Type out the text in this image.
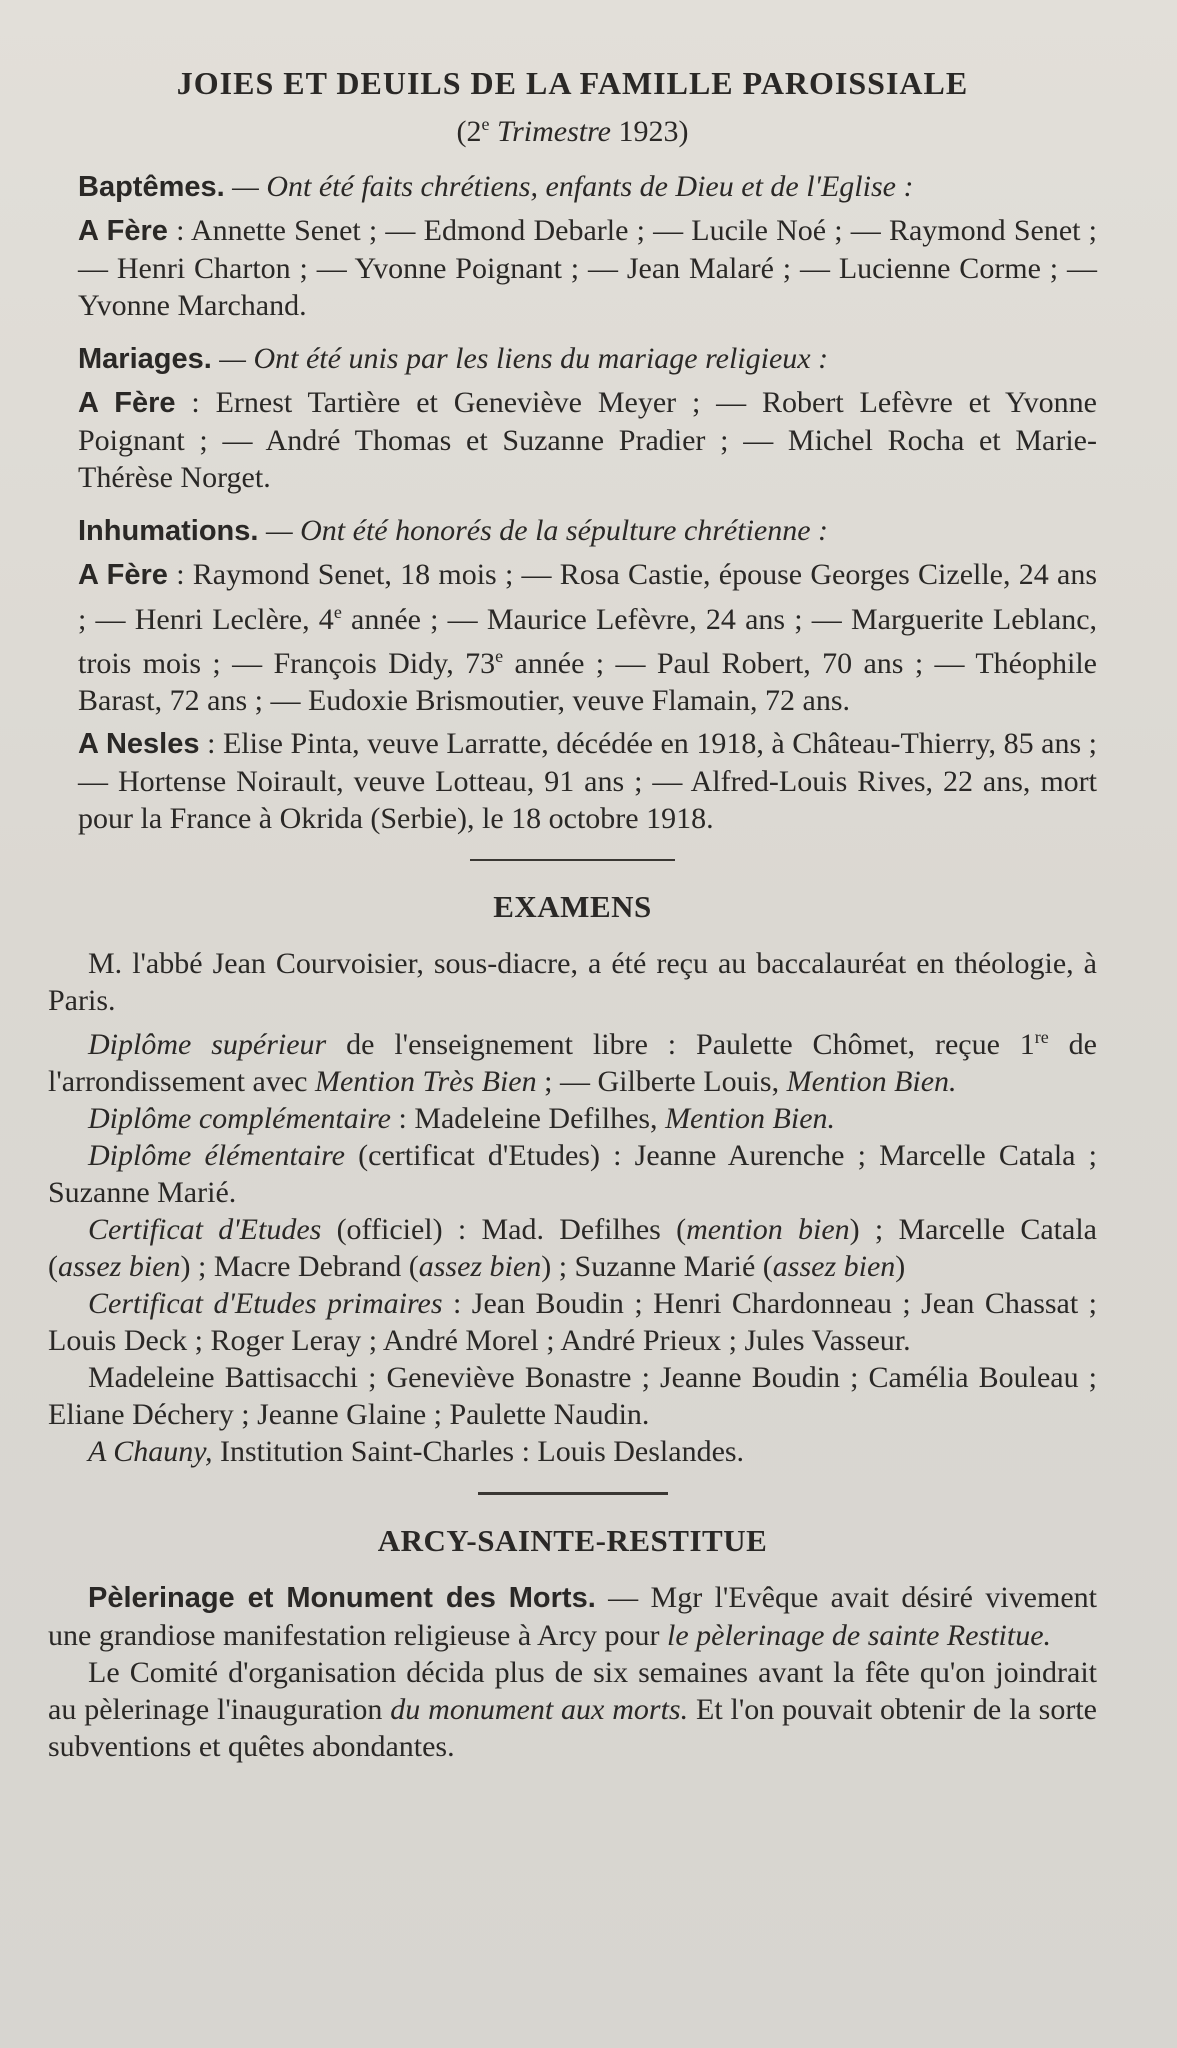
JOIES ET DEUILS DE LA FAMILLE PAROISSIALE
(2e Trimestre 1923)

Baptêmes. — Ont été faits chrétiens, enfants de Dieu et de l'Eglise :

A Fère : Annette Senet ; — Edmond Debarle ; — Lucile Noé ; — Raymond Senet ; — Henri Charton ; — Yvonne Poignant ; — Jean Malaré ; — Lucienne Corme ; — Yvonne Marchand.

Mariages. — Ont été unis par les liens du mariage religieux :

A Fère : Ernest Tartière et Geneviève Meyer ; — Robert Lefèvre et Yvonne Poignant ; — André Thomas et Suzanne Pradier ; — Michel Rocha et Marie-Thérèse Norget.

Inhumations. — Ont été honorés de la sépulture chrétienne :

A Fère : Raymond Senet, 18 mois ; — Rosa Castie, épouse Georges Cizelle, 24 ans ; — Henri Leclère, 4e année ; — Maurice Lefèvre, 24 ans ; — Marguerite Leblanc, trois mois ; — François Didy, 73e année ; — Paul Robert, 70 ans ; — Théophile Barast, 72 ans ; — Eudoxie Brismoutier, veuve Flamain, 72 ans.

A Nesles : Elise Pinta, veuve Larratte, décédée en 1918, à Château-Thierry, 85 ans ; — Hortense Noirault, veuve Lotteau, 91 ans ; — Alfred-Louis Rives, 22 ans, mort pour la France à Okrida (Serbie), le 18 octobre 1918.

EXAMENS

M. l'abbé Jean Courvoisier, sous-diacre, a été reçu au baccalauréat en théologie, à Paris.

Diplôme supérieur de l'enseignement libre : Paulette Chômet, reçue 1re de l'arrondissement avec Mention Très Bien ; — Gilberte Louis, Mention Bien.

Diplôme complémentaire : Madeleine Defilhes, Mention Bien.

Diplôme élémentaire (certificat d'Etudes) : Jeanne Aurenche ; Marcelle Catala ; Suzanne Marié.

Certificat d'Etudes (officiel) : Mad. Defilhes (mention bien) ; Marcelle Catala (assez bien) ; Macre Debrand (assez bien) ; Suzanne Marié (assez bien)

Certificat d'Etudes primaires : Jean Boudin ; Henri Chardonneau ; Jean Chassat ; Louis Deck ; Roger Leray ; André Morel ; André Prieux ; Jules Vasseur.

Madeleine Battisacchi ; Geneviève Bonastre ; Jeanne Boudin ; Camélia Bouleau ; Eliane Déchery ; Jeanne Glaine ; Paulette Naudin.

A Chauny, Institution Saint-Charles : Louis Deslandes.

ARCY-SAINTE-RESTITUE

Pèlerinage et Monument des Morts. — Mgr l'Evêque avait désiré vivement une grandiose manifestation religieuse à Arcy pour le pèlerinage de sainte Restitue.

Le Comité d'organisation décida plus de six semaines avant la fête qu'on joindrait au pèlerinage l'inauguration du monument aux morts. Et l'on pouvait obtenir de la sorte subventions et quêtes abondantes.
